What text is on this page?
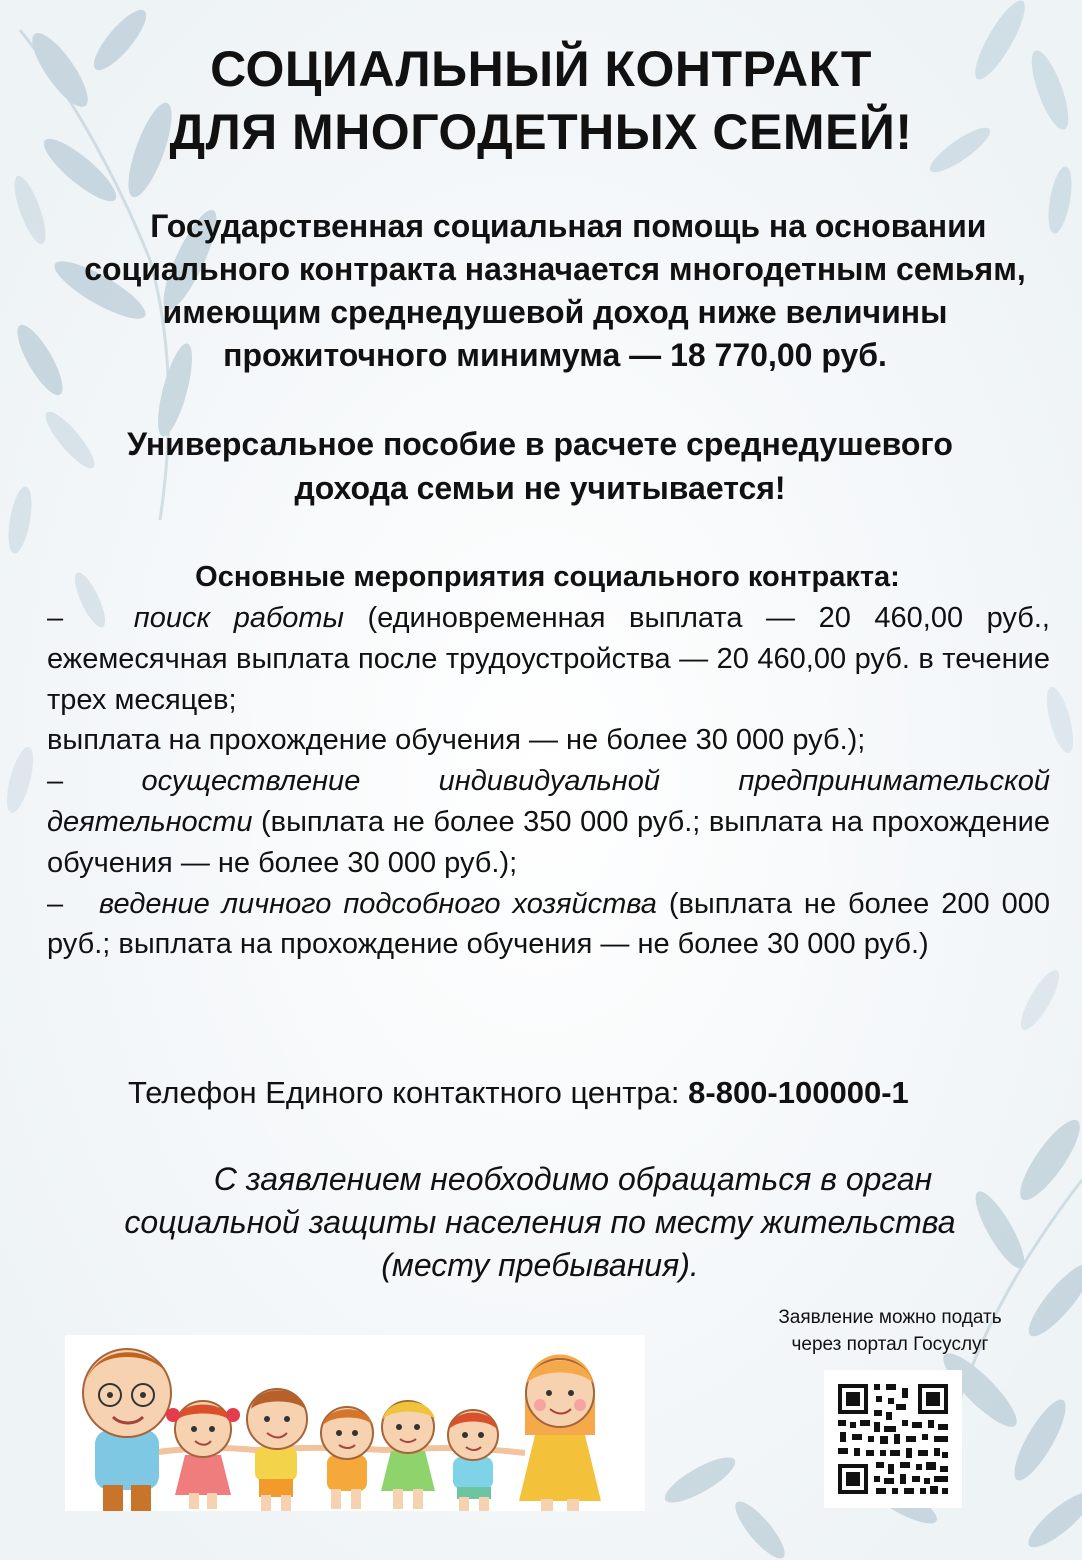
СОЦИАЛЬНЫЙ КОНТРАКТ
ДЛЯ МНОГОДЕТНЫХ СЕМЕЙ!
Государственная социальная помощь на основании социального контракта назначается многодетным семьям, имеющим среднедушевой доход ниже величины прожиточного минимума — 18 770,00 руб.
Универсальное пособие в расчете среднедушевого
дохода семьи не учитывается!
Основные мероприятия социального контракта:

– поиск работы (единовременная выплата — 20 460,00 руб., ежемесячная выплата после трудоустройства — 20 460,00 руб. в течение трех месяцев;
выплата на прохождение обучения — не более 30 000 руб.);

–	осуществление индивидуальной предпринимательской деятельности (выплата не более 350 000 руб.; выплата на прохождение обучения — не более 30 000 руб.);

– ведение личного подсобного хозяйства (выплата не более 200 000 руб.; выплата на прохождение обучения — не более 30 000 руб.)

Телефон Единого контактного центра: 8-800-100000-1
С заявлением необходимо обращаться в орган
социальной защиты населения по месту жительства
(месту пребывания).
Заявление можно подать
через портал Госуслуг
